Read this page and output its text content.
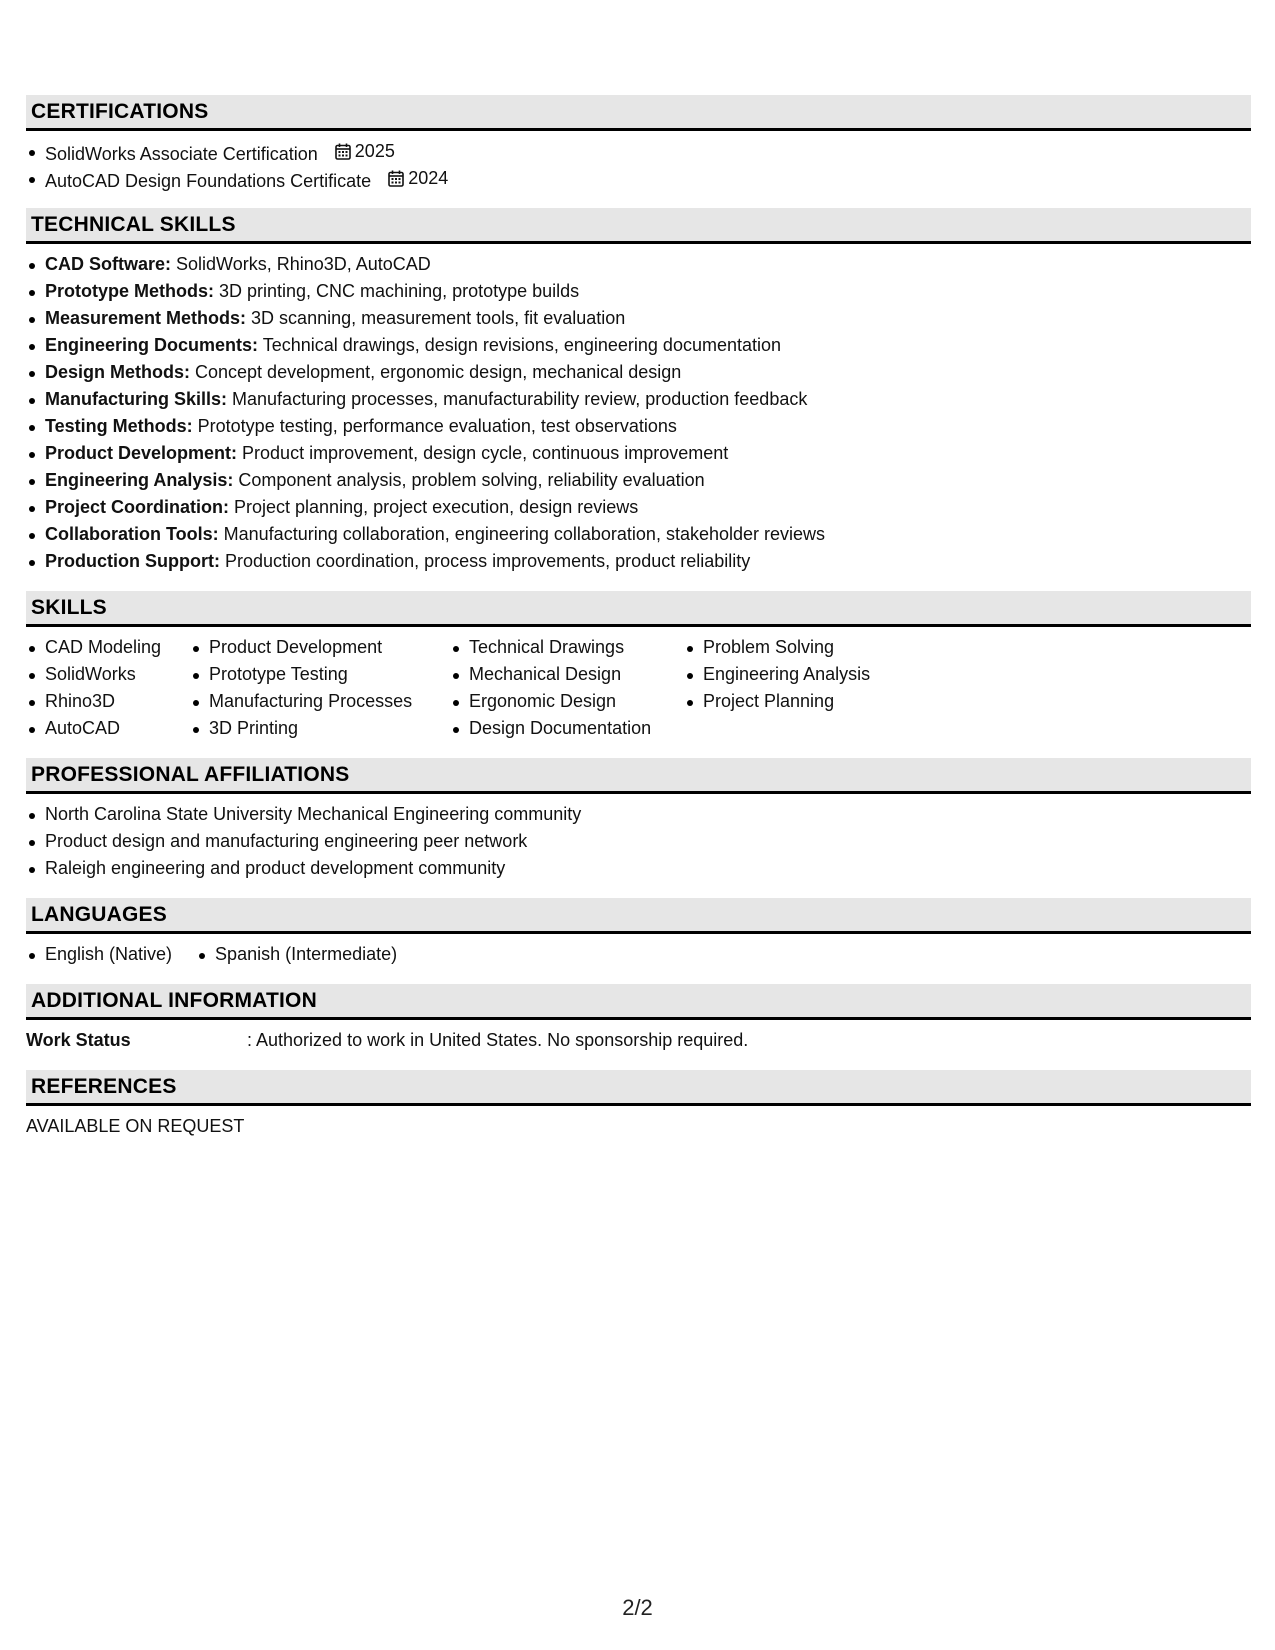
CERTIFICATIONS
SolidWorks Associate Certification 2025
AutoCAD Design Foundations Certificate 2024
TECHNICAL SKILLS
CAD Software: SolidWorks, Rhino3D, AutoCAD
Prototype Methods: 3D printing, CNC machining, prototype builds
Measurement Methods: 3D scanning, measurement tools, fit evaluation
Engineering Documents: Technical drawings, design revisions, engineering documentation
Design Methods: Concept development, ergonomic design, mechanical design
Manufacturing Skills: Manufacturing processes, manufacturability review, production feedback
Testing Methods: Prototype testing, performance evaluation, test observations
Product Development: Product improvement, design cycle, continuous improvement
Engineering Analysis: Component analysis, problem solving, reliability evaluation
Project Coordination: Project planning, project execution, design reviews
Collaboration Tools: Manufacturing collaboration, engineering collaboration, stakeholder reviews
Production Support: Production coordination, process improvements, product reliability
SKILLS
CAD Modeling
SolidWorks
Rhino3D
AutoCAD
Product Development
Prototype Testing
Manufacturing Processes
3D Printing
Technical Drawings
Mechanical Design
Ergonomic Design
Design Documentation
Problem Solving
Engineering Analysis
Project Planning
PROFESSIONAL AFFILIATIONS
North Carolina State University Mechanical Engineering community
Product design and manufacturing engineering peer network
Raleigh engineering and product development community
LANGUAGES
English (Native)	Spanish (Intermediate)
ADDITIONAL INFORMATION
Work Status	: Authorized to work in United States. No sponsorship required.
REFERENCES
AVAILABLE ON REQUEST
2/2
